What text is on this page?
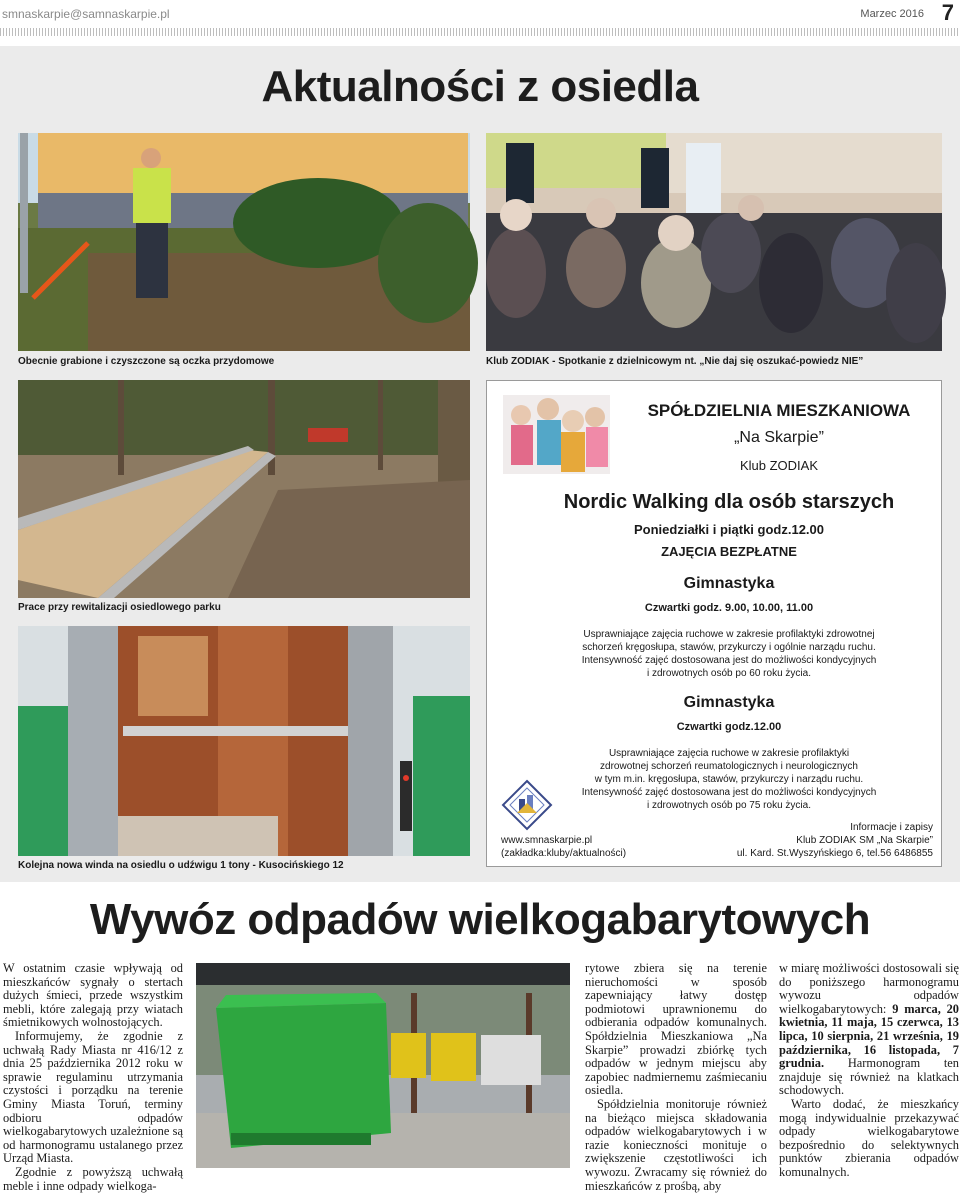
smnaskarpie@samnaskarpie.pl	Marzec 2016 7
Aktualności z osiedla
Obecnie grabione i czyszczone są oczka przydomowe	Klub ZODIAK - Spotkanie z dzielnicowym nt. „Nie daj się oszukać-powiedz NIE”
Prace przy rewitalizacji osiedlowego parku
Kolejna nowa winda na osiedlu o udźwigu 1 tony - Kusocińskiego 12
SPÓŁDZIELNIA MIESZKANIOWA
„Na Skarpie”
Klub ZODIAK
Nordic Walking dla osób starszych
Poniedziałki i piątki godz.12.00
ZAJĘCIA BEZPŁATNE
Gimnastyka
Czwartki godz. 9.00, 10.00, 11.00
Usprawniające zajęcia ruchowe w zakresie profilaktyki zdrowotnej
schorzeń kręgosłupa, stawów, przykurczy i ogólnie narządu ruchu.
Intensywność zajęć dostosowana jest do możliwości kondycyjnych
i zdrowotnych osób po 60 roku życia.
Gimnastyka
Czwartki godz.12.00
Usprawniające zajęcia ruchowe w zakresie profilaktyki
zdrowotnej schorzeń reumatologicznych i neurologicznych
w tym m.in. kręgosłupa, stawów, przykurczy i narządu ruchu.
Intensywność zajęć dostosowana jest do możliwości kondycyjnych
i zdrowotnych osób po 75 roku życia.
www.smnaskarpie.pl
(zakładka:kluby/aktualności)
Informacje i zapisy
Klub ZODIAK SM „Na Skarpie”
ul. Kard. St.Wyszyńskiego 6, tel.56 6486855
Wywóz odpadów wielkogabarytowych

W ostatnim czasie wpływają od mieszkańców sygnały o stertach dużych śmieci, przede wszystkim mebli, które zalegają przy wiatach śmietnikowych wolnostojących.

Informujemy, że zgodnie z uchwałą Rady Miasta nr 416/12 z dnia 25 października 2012 roku w sprawie regulaminu utrzymania czystości i porządku na terenie Gminy Miasta Toruń, terminy odbioru odpadów wielkogabarytowych uzależnione są od harmonogramu ustalanego przez Urząd Miasta.

Zgodnie z powyższą uchwałą meble i inne odpady wielkoga-

rytowe zbiera się na terenie nieruchomości w sposób zapewniający łatwy dostęp podmiotowi uprawnionemu do odbierania odpadów komunalnych. Spółdzielnia Mieszkaniowa „Na Skarpie” prowadzi zbiórkę tych odpadów w jednym miejscu aby zapobiec nadmiernemu zaśmiecaniu osiedla.

Spółdzielnia monitoruje również na bieżąco miejsca składowania odpadów wielkogabarytowych i w razie konieczności monituje o zwiększenie częstotliwości ich wywozu. Zwracamy się również do mieszkańców z prośbą, aby

w miarę możliwości dostosowali się do poniższego harmonogramu wywozu odpadów wielkogabarytowych: 9 marca, 20 kwietnia, 11 maja, 15 czerwca, 13 lipca, 10 sierpnia, 21 września, 19 października, 16 listopada, 7 grudnia. Harmonogram ten znajduje się również na klatkach schodowych.

Warto dodać, że mieszkańcy mogą indywidualnie przekazywać odpady wielkogabarytowe bezpośrednio do selektywnych punktów zbierania odpadów komunalnych.
